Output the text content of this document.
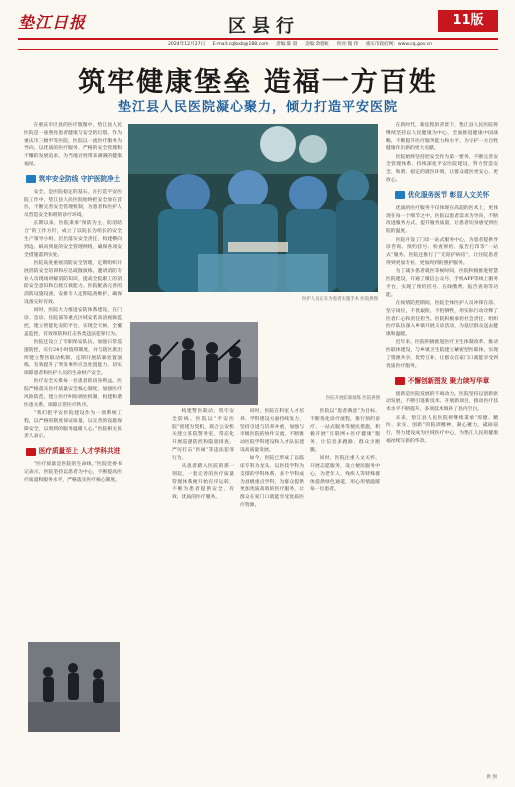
垫江日报	区县行	11版
2024年12月27日 E-mail:cqlbxb@188.com 责编:陈 晨 美编:余德虹 校对:熊 伟 重庆市政府网：www.cq.gov.cn
筑牢健康堡垒 造福一方百姓
垫江县人民医院凝心聚力，倾力打造平安医院

在重庆市区县的医疗版图中，垫江县人民医院是一座照亮患者健康与安全的灯塔。作为重庆市三级甲等医院，医院以一流医疗服务为导向，以优质的医疗服务、严格的安全管理和不懈的发展追求，为当地百姓带来满满的健康福祉。

筑牢安全防线 守护医院净土

安全，是医院稳定的基石。在打造平安医院工作中，垫江县人民医院始终把安全放在首位，不断完善安全管理机制，为患者和医护人员营造安全和谐的诊疗环境。

长期以来，医院秉承“预防为主、防消结合”的工作方针，成立了以院长为组长的安全生产领导小组，层层落实安全责任，构建横向到边、纵向到底的安全管理网络，确保各项安全措施落到实处。

医院高度重视消防安全管理，定期组织开展消防安全培训和应急疏散演练，邀请消防专业人员现场讲解消防知识，提高全院职工的消防安全意识和自救互救能力。医院配备完善的消防设施设备，安排专人定期巡查维护，确保设备完好有效。

同时，医院大力推进安防体系建设，在门诊、急诊、住院部等重点区域安装高清视频监控，建立智能化安防平台，实现全天候、全覆盖监控，有效预防和打击各类违法犯罪行为。

医院还设立了专职保安队伍，加强日常巡逻防控，实行24小时值班制度，并与辖区派出所建立警医联动机制，定期开展防暴处置演练，有效提升了突发事件应急处置能力，切实保障患者和医护人员的生命财产安全。

医疗安全关系每一名患者的切身利益。医院严格落实医疗质量安全核心制度，加强医疗风险防范，建立医疗纠纷调处机制，构建和谐医患关系，保障正常医疗秩序。

“我们把平安医院建设作为一项系统工程，以严格的制度保证质量，以完善的设施保障安全，以周到的服务温暖人心。”医院相关负责人表示。

医疗质量至上 人才学科共进

“医疗质量是医院的生命线。”医院党委书记表示，医院坚持以患者为中心，不断提高医疗质量和服务水平，严格落实医疗核心制度。

医护人员正在为患者实施手术 医院供图
医院开展防暴演练 医院供图

构建警医联动，筑牢安全防线。医院以“平安医院”创建为契机，联合公安机关建立驻院警务室，常态化开展巡逻防控和隐患排查，严厉打击“医闹”等违法犯罪行为。

从患者踏入医院的那一刻起，一套完善的医疗质量管理体系便开始有序运转，不断为患者提供安全、有效、优质的医疗服务。

同时，医院在科室人才培养、学科建设方面持续发力，坚持引进与培养并重，加强与市级医院的协作交流，不断推动医院学科建设和人才队伍建设高质量发展。

如今，医院已形成了以临床专科为龙头、以医技学科为支撑的学科体系，多个学科成为县级重点学科，为群众提供更加优质高效的医疗服务，让群众在家门口就能享受优质医疗资源。

医院以“患者满意”为目标，不断优化诊疗流程，推行预约诊疗、一站式服务等便民措施，积极开展“互联网+医疗健康”服务，让信息多跑路、群众少跑腿。

同时，医院注重人文关怀，开展志愿服务，设立便民服务中心，为老年人、残疾人等特殊群体提供绿色通道，用心用情温暖每一位患者。

在新时代，新征程的背景下，垫江县人民医院将继续坚持以人民健康为中心，全面推进健康中国战略，不断提升医疗服务能力和水平，为守护一方百姓健康作出新的更大贡献。

医院始终坚持把安全作为第一要务，不断完善安全管理体系，持续深化平安医院建设，努力营造安全、和谐、稳定的就医环境，让群众就医更安心、更放心。

优化服务医节 彰显人文关怀

优质的医疗服务不仅体现在高超的医术上，更体现在每一个细节之中。医院以患者需求为导向，不断改进服务方式，提升服务质量，让患者切身感受到医院的温度。

医院开设了门诊一站式服务中心，为患者提供导诊咨询、预约挂号、检查预约、报告打印等“一站式”服务。医院还推行了“无陪护病房”，让住院患者得到更加专业、更加周到的照护服务。

为了减少患者就医等候时间，医院积极推进智慧医院建设，开通了微信公众号、手机APP等线上服务平台，实现了预约挂号、在线缴费、报告查询等功能。

在疫情防控期间，医院全体医护人员冲锋在前、坚守岗位，不畏艰险，不怕牺牲，用实际行动诠释了医者仁心和责任担当。医院积极承担社会责任，组织医疗队伍深入乡镇开展义诊活动，为基层群众送去健康和温暖。

近年来，医院积极推进医疗卫生体制改革，推动医联体建设，与乡镇卫生院建立紧密型医联体，实现了资源共享、优势互补，让群众在家门口就能享受到优质医疗服务。

不懈创新图发 聚力续写华章

创新是医院发展的不竭动力。医院坚持以创新驱动发展，不断引进新技术、开展新项目，推动医疗技术水平不断提升，多项技术填补了县内空白。

未来，垫江县人民医院将继续秉承“厚德、精医、求实、创新”的院训精神，凝心聚力，砥砺前行，努力建设成为区域医疗中心，为垫江人民的健康福祉续写新的华章。

供 图
